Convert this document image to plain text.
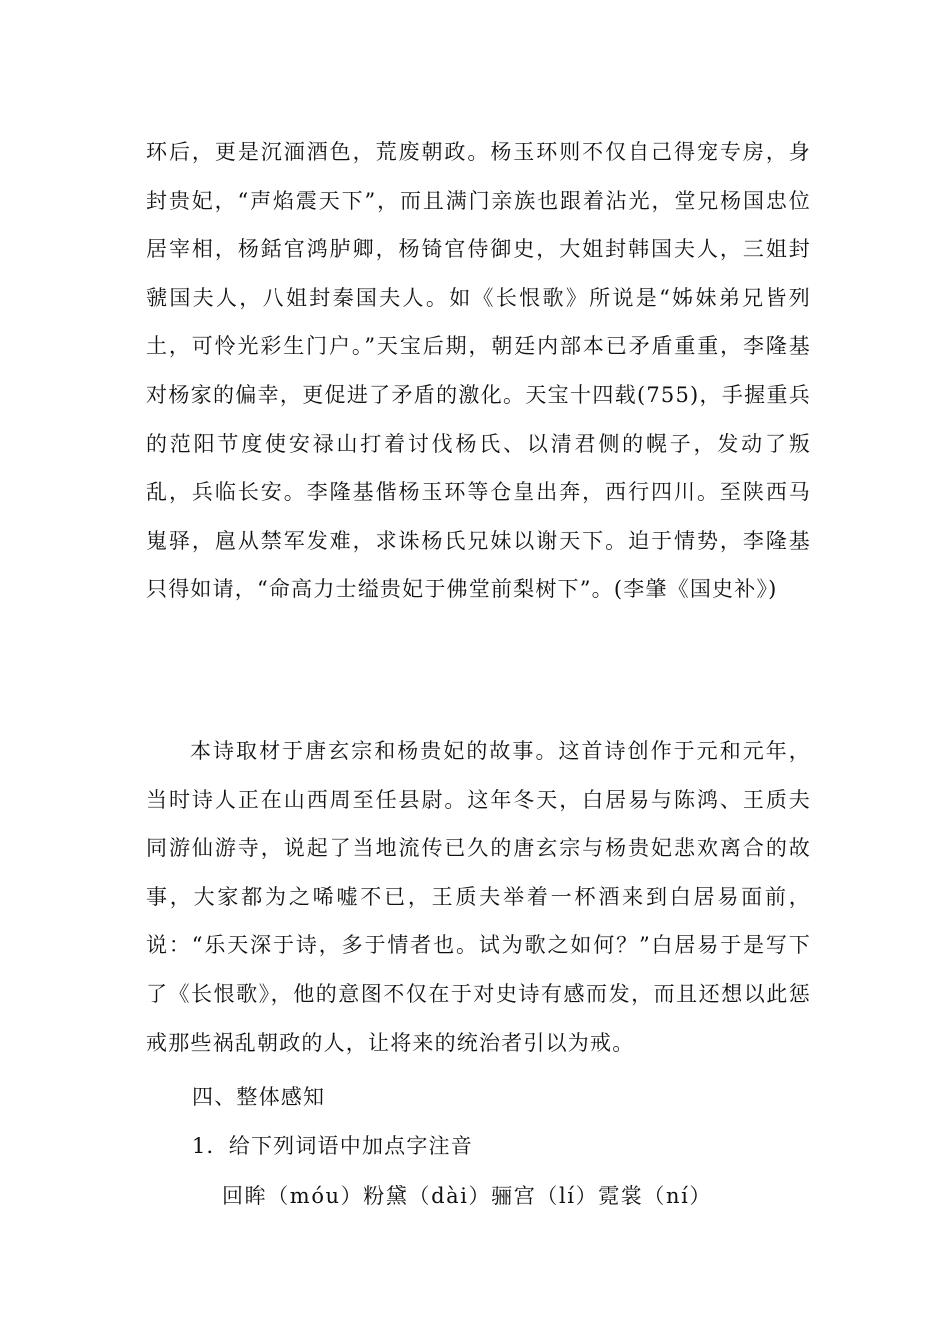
环后，更是沉湎酒色，荒废朝政。杨玉环则不仅自己得宠专房，身封贵妃，“声焰震天下”，而且满门亲族也跟着沾光，堂兄杨国忠位居宰相，杨銛官鸿胪卿，杨锜官侍御史，大姐封韩国夫人，三姐封虢国夫人，八姐封秦国夫人。如《长恨歌》所说是“姊妹弟兄皆列土，可怜光彩生门户。”天宝后期，朝廷内部本已矛盾重重，李隆基对杨家的偏幸，更促进了矛盾的激化。天宝十四载(755)，手握重兵的范阳节度使安禄山打着讨伐杨氏、以清君侧的幌子，发动了叛乱，兵临长安。李隆基偕杨玉环等仓皇出奔，西行四川。至陕西马嵬驿，扈从禁军发难，求诛杨氏兄妹以谢天下。迫于情势，李隆基只得如请，“命高力士缢贵妃于佛堂前梨树下”。(李肇《国史补》)

本诗取材于唐玄宗和杨贵妃的故事。这首诗创作于元和元年，当时诗人正在山西周至任县尉。这年冬天，白居易与陈鸿、王质夫同游仙游寺，说起了当地流传已久的唐玄宗与杨贵妃悲欢离合的故事，大家都为之唏嘘不已，王质夫举着一杯酒来到白居易面前，说：“乐天深于诗，多于情者也。试为歌之如何？”白居易于是写下了《长恨歌》，他的意图不仅在于对史诗有感而发，而且还想以此惩戒那些祸乱朝政的人，让将来的统治者引以为戒。

四、整体感知

1．给下列词语中加点字注音

回眸（móu）粉黛（dài）骊宫（lí）霓裳（ní）
